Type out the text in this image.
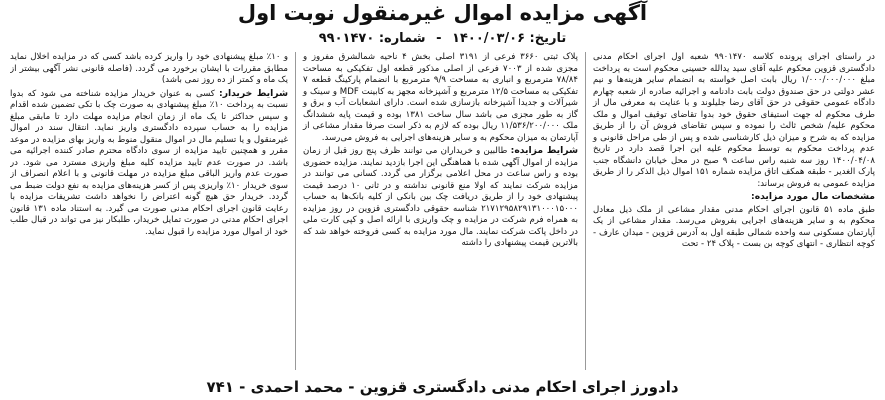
آگهی مزایده اموال غیرمنقول نوبت اول
تاریخ: ۱۴۰۰/۰۳/۰۶ - شماره: ۹۹۰۱۴۷۰

در راستای اجرای پرونده کلاسه ۹۹۰۱۴۷۰ شعبه اول اجرای احکام مدنی دادگستری قزوین محکوم علیه آقای سید یدالله حسینی محکوم است به پرداخت مبلغ ۱/۰۰۰/۰۰۰/۰۰۰ ریال بابت اصل خواسته به انضمام سایر هزینه‌ها و نیم عشر دولتی در حق صندوق دولت بابت دادنامه و اجرائیه صادره از شعبه چهارم دادگاه عمومی حقوقی در حق آقای رضا جلیلوند و با عنایت به معرفی مال از طرف محکوم له جهت استیفای حقوق خود بدوا تقاضای توقیف اموال و ملک محکوم علیه/ شخص ثالث را نموده و سپس تقاضای فروش آن را از طریق مزایده که به شرح و میزان ذیل کارشناسی شده و پس از طی مراحل قانونی و عدم پرداخت محکوم به توسط محکوم علیه این اجرا قصد دارد در تاریخ ۱۴۰۰/۰۴/۰۸ روز سه شنبه راس ساعت ۹ صبح در محل خیابان دانشگاه جنب پارک الغدیر - طبقه همکف اتاق مزایده شماره ۱۵۱ اموال ذیل الذکر را از طریق مزایده عمومی به فروش برساند:

مشخصات مال مورد مزایده:

طبق ماده ۵۱ قانون اجرای احکام مدنی مقدار مشاعی از ملک ذیل معادل محکوم به و سایر هزینه‌های اجرایی بفروش می‌رسد. مقدار مشاعی از یک آپارتمان مسکونی سه واحده شمالی طبقه اول به آدرس قزوین - میدان عارف - کوچه انتظاری - انتهای کوچه بن بست - پلاک ۲۴ - تحت

پلاک ثبتی ۳۶۶۰ فرعی از ۳۱۹۱ اصلی بخش ۴ ناحیه شمالشرق مفروز و مجزی شده از ۷۰۰۳ فرعی از اصلی مذکور قطعه اول تفکیکی به مساحت ۷۸/۸۴ مترمربع و انباری به مساحت ۹/۹ مترمربع با انضمام پارکینگ قطعه ۷ تفکیکی به مساحت ۱۲/۵ مترمربع و آشپزخانه مجهز به کابینت MDF و سینک و شیرآلات و جدیدا آشپزخانه بازسازی شده است. دارای انشعابات آب و برق و گاز به طور مجزی می باشد سال ساخت ۱۳۸۱ بوده و قیمت پایه ششدانگ ملک ۱۱/۵۳۶/۲۰۰/۰۰۰ ریال بوده که لازم به ذکر است صرفا مقدار مشاعی از آپارتمان به میزان محکوم به و سایر هزینه‌های اجرایی به فروش می‌رسد.

شرایط مزایده: طالبین و خریداران می توانند ظرف پنج روز قبل از زمان مزایده از اموال آگهی شده با هماهنگی این اجرا بازدید نمایند. مزایده حضوری بوده و راس ساعت در محل اعلامی برگزار می گردد. کسانی می توانند در مزایده شرکت نمایند که اولا منع قانونی نداشته و در ثانی ۱۰ درصد قیمت پیشنهادی خود را از طریق دریافت چک بین بانکی از کلیه بانک‌ها به حساب ۲۱۷۱۲۹۵۸۲۹۱۳۱۰۰۰۱۵۰۰۰ شناسه حقوقی دادگستری قزوین در روز مزایده به همراه فرم شرکت در مزایده و چک واریزی با ارائه اصل و کپی کارت ملی در داخل پاکت شرکت نمایند. مال مورد مزایده به کسی فروخته خواهد شد که بالاترین قیمت پیشنهادی را داشته

و ۱۰٪ مبلغ پیشنهادی خود را واریز کرده باشد کسی که در مزایده اخلال نماید مطابق مقررات با ایشان برخورد می گردد. (فاصله قانونی نشر آگهی بیشتر از یک ماه و کمتر از ده روز نمی باشد)

شرایط خریدار: کسی به عنوان خریدار مزایده شناخته می شود که بدوا نسبت به پرداخت ۱۰٪ مبلغ پیشنهادی به صورت چک با تکی تضمین شده اقدام و سپس حداکثر تا یک ماه از زمان انجام مزایده مهلت دارد تا مابقی مبلغ مزایده را به حساب سپرده دادگستری واریز نماید. انتقال سند در اموال غیرمنقول و یا تسلیم مال در اموال منقول منوط به واریز بهای مزایده در موعد مقرر و همچنین تایید مزایده از سوی دادگاه محترم صادر کننده اجرائیه می باشد. در صورت عدم تایید مزایده کلیه مبلغ واریزی مسترد می شود. در صورت عدم واریز الباقی مبلغ مزایده در مهلت قانونی و با اعلام انصراف از سوی خریدار ۱۰٪ واریزی پس از کسر هزینه‌های مزایده به نفع دولت ضبط می گردد. خریدار حق هیچ گونه اعتراض را نخواهد داشت تشریفات مزایده با رعایت قانون اجرای احکام مدنی صورت می گیرد. به استناد ماده ۱۳۱ قانون اجرای احکام مدنی در صورت تمایل خریدار، طلبکار نیز می تواند در قبال طلب خود از اموال مورد مزایده را قبول نماید.

دادورز اجرای احکام مدنی دادگستری قزوین - محمد احمدی - ۷۴۱
